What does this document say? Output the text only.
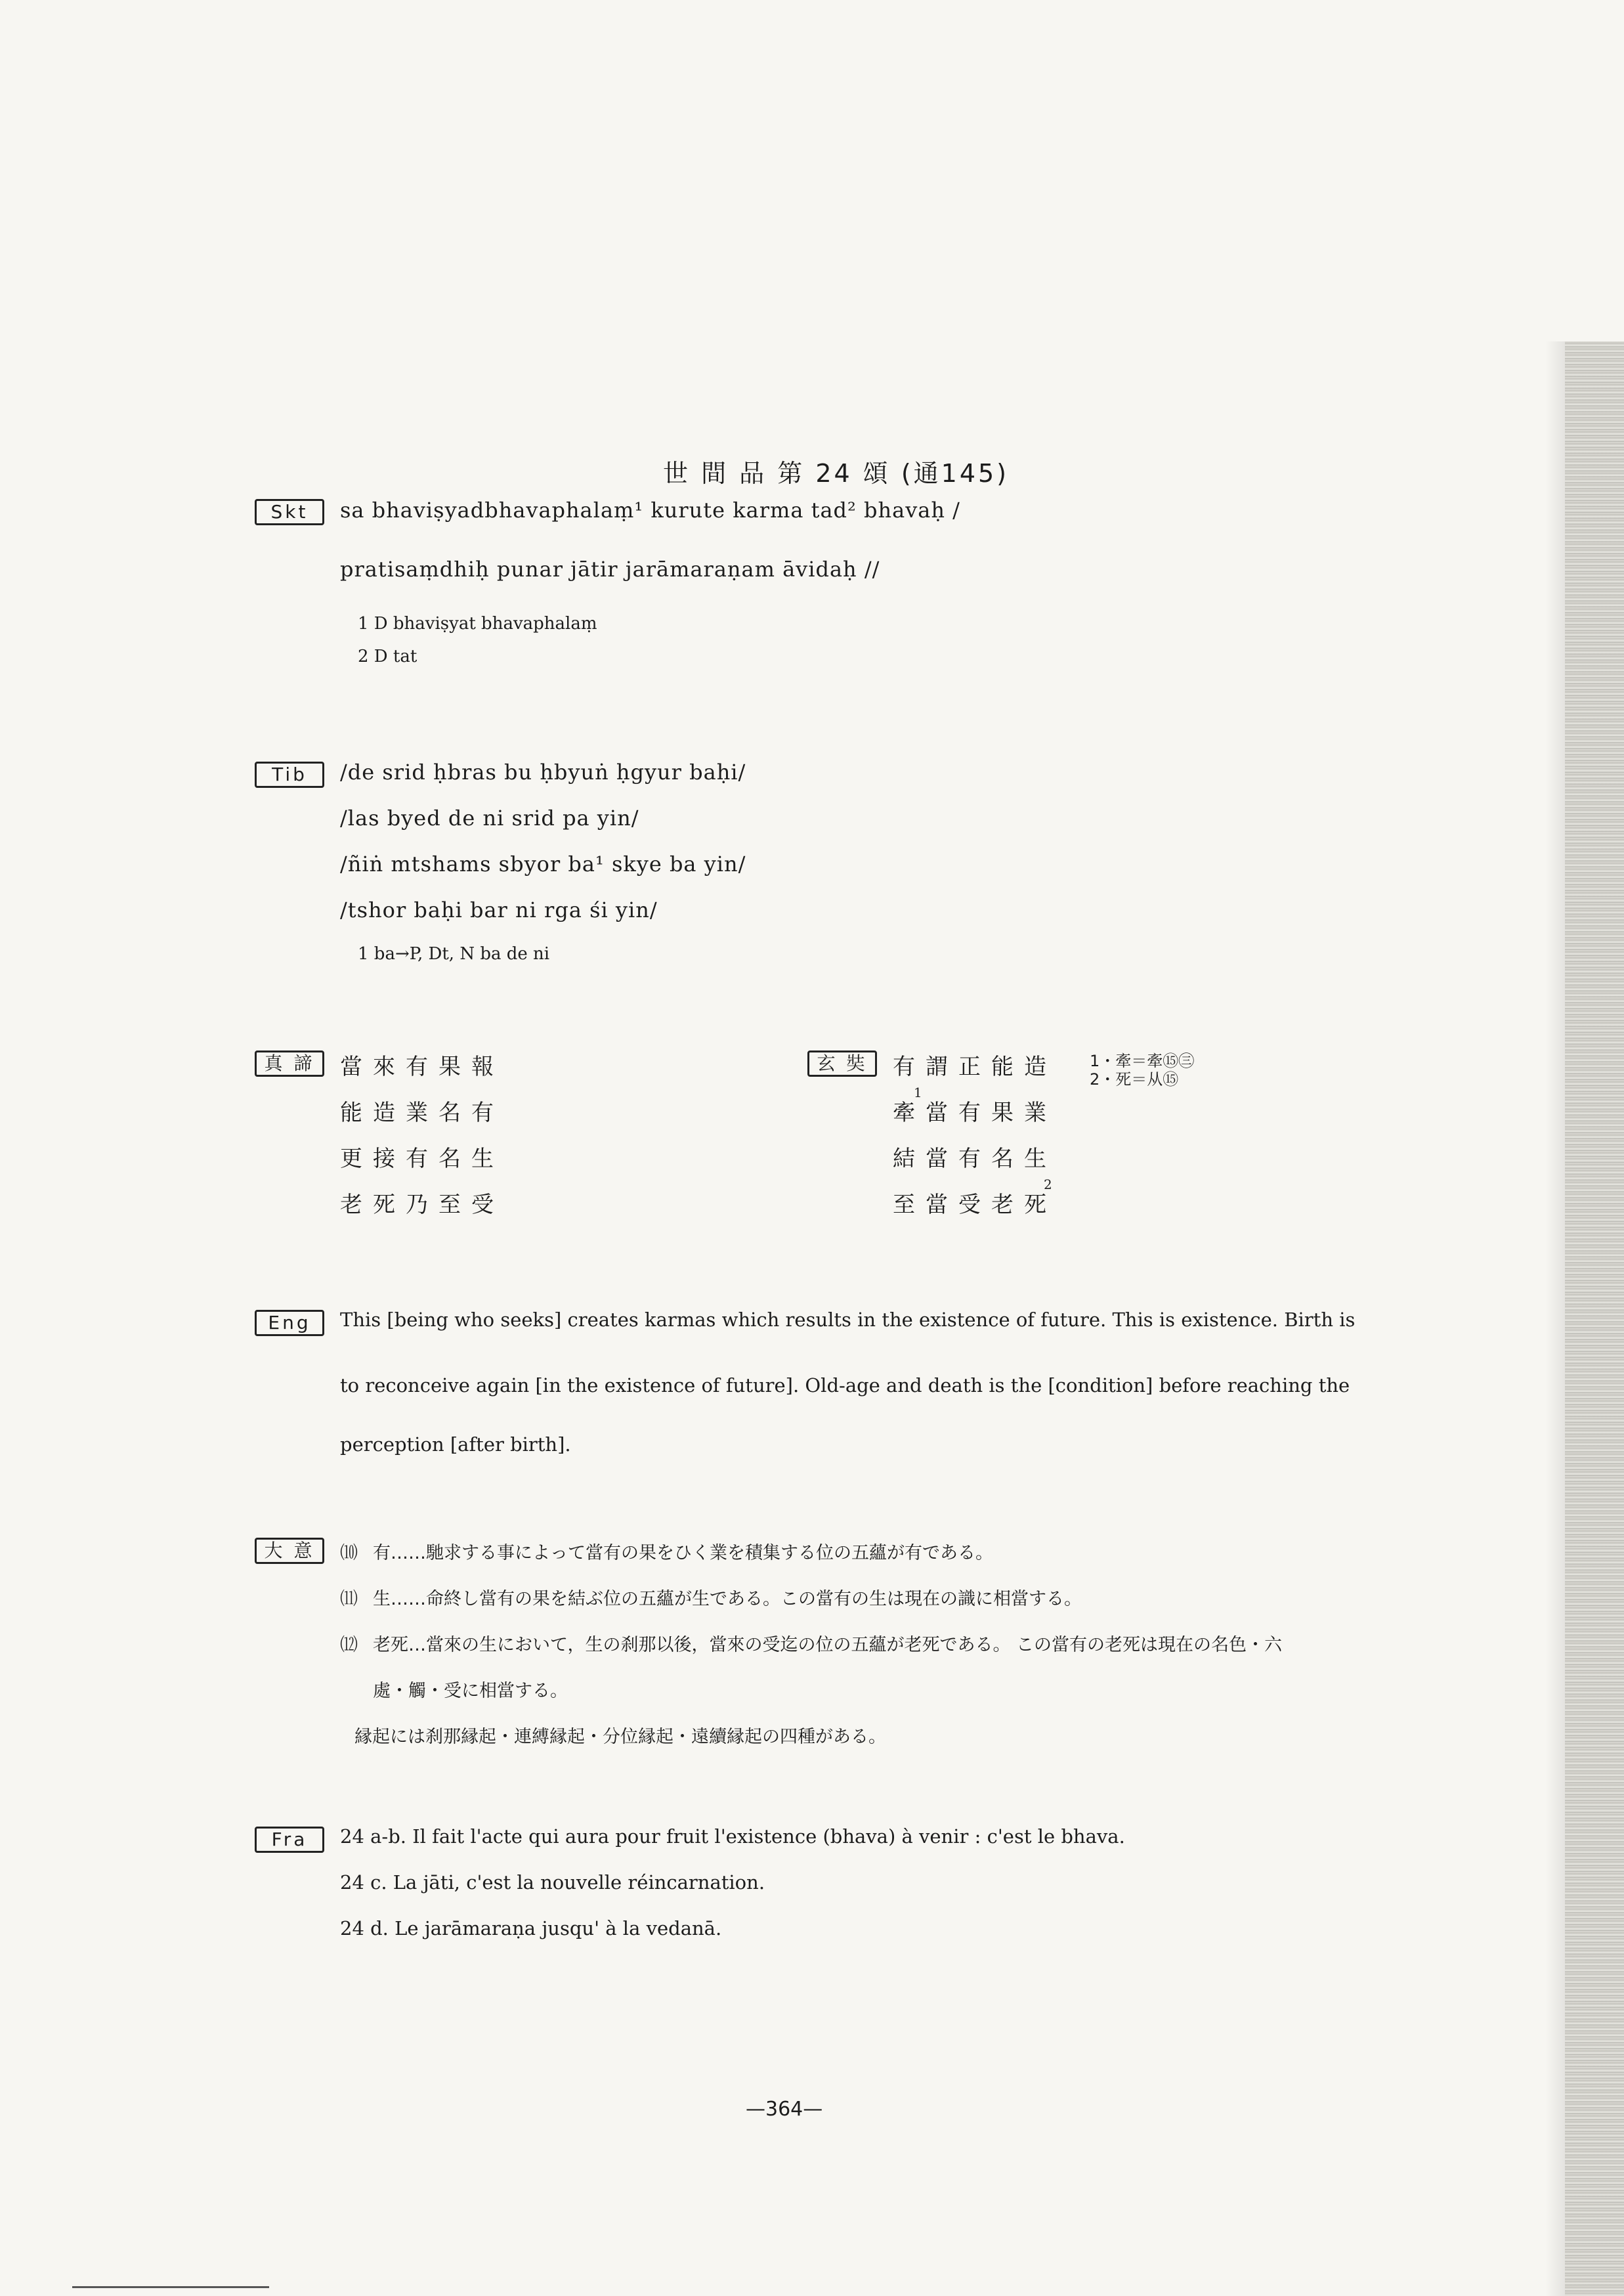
世 間 品 第 24 頌 (通145)
Skt	sa bhaviṣyadbhavaphalaṃ¹ kurute karma tad² bhavaḥ /
pratisaṃdhiḥ punar jātir jarāmaraṇam āvidaḥ //
1 D bhaviṣyat bhavaphalaṃ
2 D tat
Tib	/de srid ḥbras bu ḥbyuṅ ḥgyur baḥi/
/las byed de ni srid pa yin/
/ñiṅ mtshams sbyor ba¹ skye ba yin/
/tshor baḥi bar ni rga śi yin/
1 ba→P, Dt, N ba de ni
真 諦	當來有果報
能造業名有
更接有名生
老死乃至受
玄 奘	有謂正能造
牽當有果業
1
結當有名生
至當受老死
2
1・牽＝牽⑮㊂
2・死＝从⑮
Eng	This [being who seeks] creates karmas which results in the existence of future. This is existence. Birth is
to reconceive again [in the existence of future]. Old-age and death is the [condition] before reaching the
perception [after birth].
大 意	⑽ 有……馳求する事によって當有の果をひく業を積集する位の五蘊が有である。
⑾ 生……命終し當有の果を結ぶ位の五蘊が生である。この當有の生は現在の識に相當する。
⑿ 老死…當來の生において，生の刹那以後，當來の受迄の位の五蘊が老死である。 この當有の老死は現在の名色・六
處・觸・受に相當する。
縁起には刹那縁起・連縛縁起・分位縁起・遠續縁起の四種がある。
Fra	24 a-b. Il fait l'acte qui aura pour fruit l'existence (bhava) à venir : c'est le bhava.
24 c. La jāti, c'est la nouvelle réincarnation.
24 d. Le jarāmaraṇa jusqu' à la vedanā.
—364—
